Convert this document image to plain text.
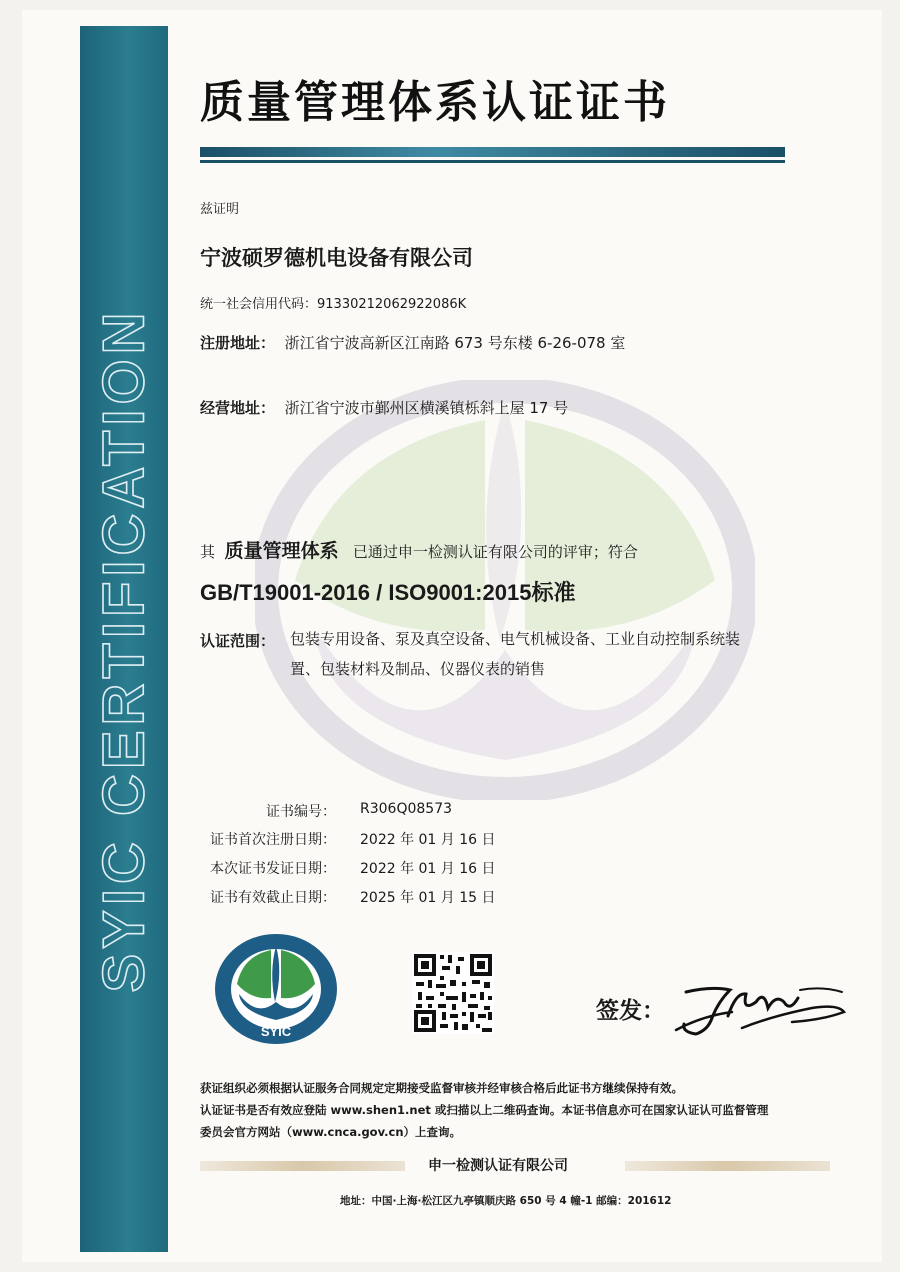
SYIC CERTIFICATION
质量管理体系认证证书
兹证明
宁波硕罗德机电设备有限公司
统一社会信用代码：91330212062922086K
注册地址： 浙江省宁波高新区江南路 673 号东楼 6-26-078 室
经营地址： 浙江省宁波市鄞州区横溪镇栎斜上屋 17 号
其 质量管理体系 已通过申一检测认证有限公司的评审；符合
GB/T19001-2016 / ISO9001:2015标准
认证范围： 包装专用设备、泵及真空设备、电气机械设备、工业自动控制系统装
置、包装材料及制品、仪器仪表的销售
证书编号： R306Q08573
证书首次注册日期： 2022 年 01 月 16 日
本次证书发证日期： 2022 年 01 月 16 日
证书有效截止日期： 2025 年 01 月 15 日
SYIC
签发：
获证组织必须根据认证服务合同规定定期接受监督审核并经审核合格后此证书方继续保持有效。
认证证书是否有效应登陆 www.shen1.net 或扫描以上二维码查询。本证书信息亦可在国家认证认可监督管理
委员会官方网站（www.cnca.gov.cn）上查询。
申一检测认证有限公司
地址：中国·上海·松江区九亭镇顺庆路 650 号 4 幢-1 邮编：201612
